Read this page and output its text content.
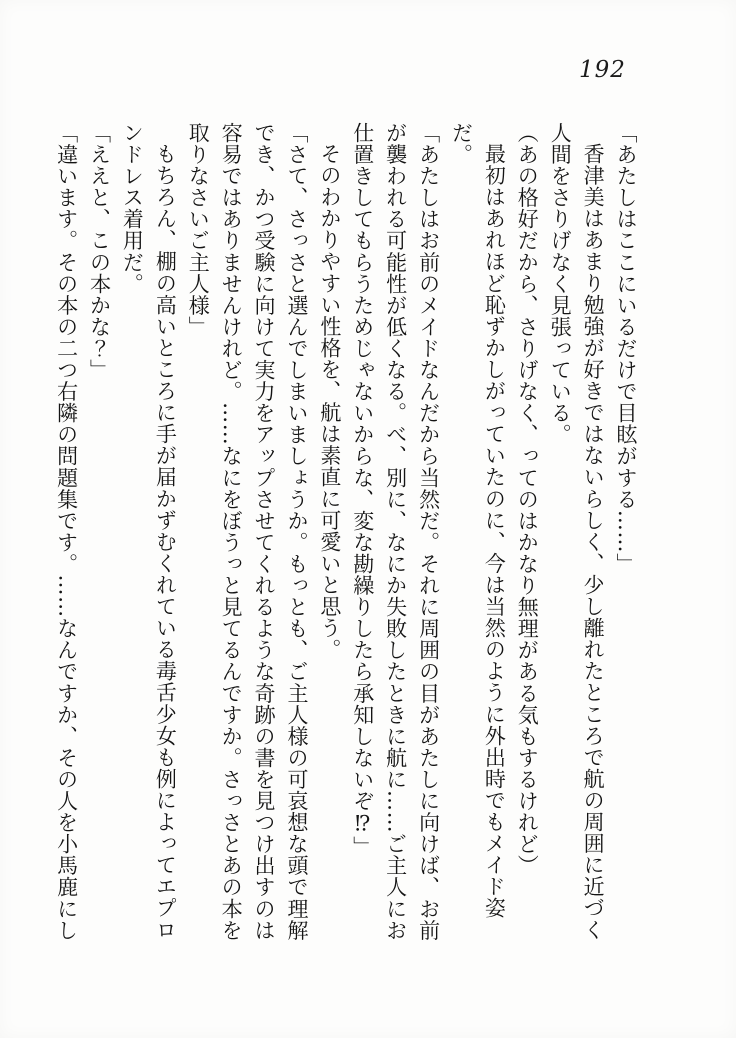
192

「あたしはここにいるだけで目眩がする……」

香津美はあまり勉強が好きではないらしく、少し離れたところで航の周囲に近づく人間をさりげなく見張っている。

（あの格好だから、さりげなく、ってのはかなり無理がある気もするけれど）

最初はあれほど恥ずかしがっていたのに、今は当然のように外出時でもメイド姿だ。

「あたしはお前のメイドなんだから当然だ。それに周囲の目があたしに向けば、お前が襲われる可能性が低くなる。べ、別に、なにか失敗したときに航に……ご主人にお仕置きしてもらうためじゃないからな、変な勘繰りしたら承知しないぞ⁉」

そのわかりやすい性格を、航は素直に可愛いと思う。

「さて、さっさと選んでしまいましょうか。もっとも、ご主人様の可哀想な頭で理解でき、かつ受験に向けて実力をアップさせてくれるような奇跡の書を見つけ出すのは容易ではありませんけれど。……なにをぼうっと見てるんですか。さっさとあの本を取りなさいご主人様」

もちろん、棚の高いところに手が届かずむくれている毒舌少女も例によってエプロンドレス着用だ。

「ええと、この本かな？」

「違います。その本の二つ右隣の問題集です。……なんですか、その人を小馬鹿にし
